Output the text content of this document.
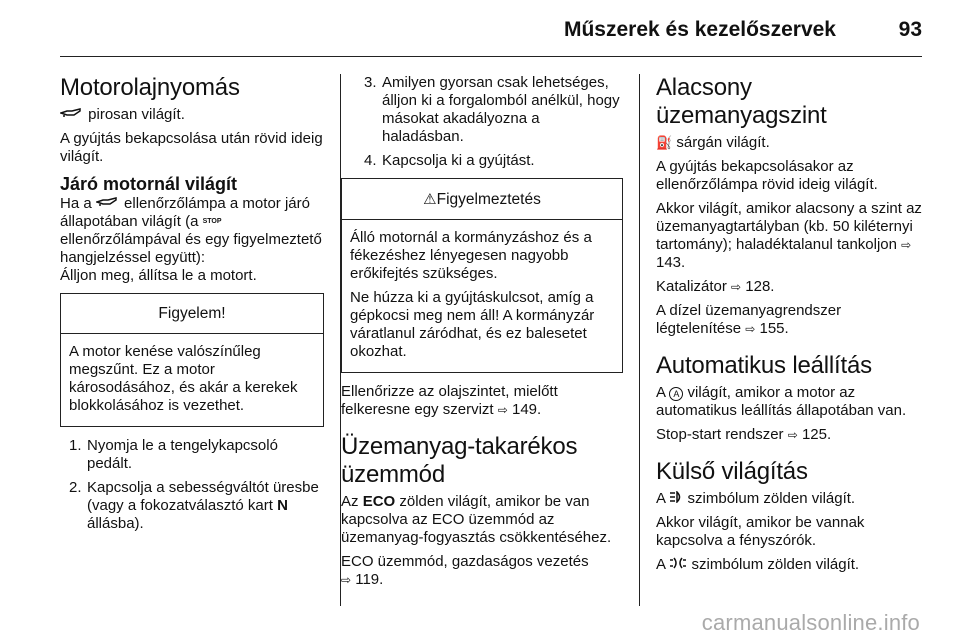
Műszerek és kezelőszervek	93
Motorolajnyomás

pirosan világít.

A gyújtás bekapcsolása után rövid ideig világít.

Járó motornál világít

Ha a ellenőrzőlámpa a motor járó állapotában világít (a STOP ellenőrzőlámpával és egy figyelmeztető hangjelzéssel együtt):
Álljon meg, állítsa le a motort.

Figyelem!

A motor kenése valószínűleg megszűnt. Ez a motor károsodásához, és akár a kerekek blokkolásához is vezethet.

1. Nyomja le a tengelykapcsoló pedált.
2. Kapcsolja a sebességváltót üresbe (vagy a fokozatválasztó kart N állásba).
3. Amilyen gyorsan csak lehetséges, álljon ki a forgalomból anélkül, hogy másokat akadályozna a haladásban.
4. Kapcsolja ki a gyújtást.
⚠Figyelmeztetés

Álló motornál a kormányzáshoz és a fékezéshez lényegesen nagyobb erőkifejtés szükséges.

Ne húzza ki a gyújtáskulcsot, amíg a gépkocsi meg nem áll! A kormányzár váratlanul záródhat, és ez balesetet okozhat.

Ellenőrizze az olajszintet, mielőtt felkeresne egy szervizt ⇨ 149.

Üzemanyag-takarékos üzemmód

Az ECO zölden világít, amikor be van kapcsolva az ECO üzemmód az üzemanyag-fogyasztás csökkentéséhez.

ECO üzemmód, gazdaságos vezetés
⇨ 119.

Alacsony üzemanyagszint

⛽ sárgán világít.

A gyújtás bekapcsolásakor az ellenőrzőlámpa rövid ideig világít.

Akkor világít, amikor alacsony a szint az üzemanyagtartályban (kb. 50 kiléternyi tartomány); haladéktalanul tankoljon ⇨ 143.

Katalizátor ⇨ 128.

A dízel üzemanyagrendszer légtelenítése ⇨ 155.

Automatikus leállítás

A A világít, amikor a motor az automatikus leállítás állapotában van.

Stop-start rendszer ⇨ 125.

Külső világítás

A szimbólum zölden világít.

Akkor világít, amikor be vannak kapcsolva a fényszórók.

A szimbólum zölden világít.

carmanualsonline.info
